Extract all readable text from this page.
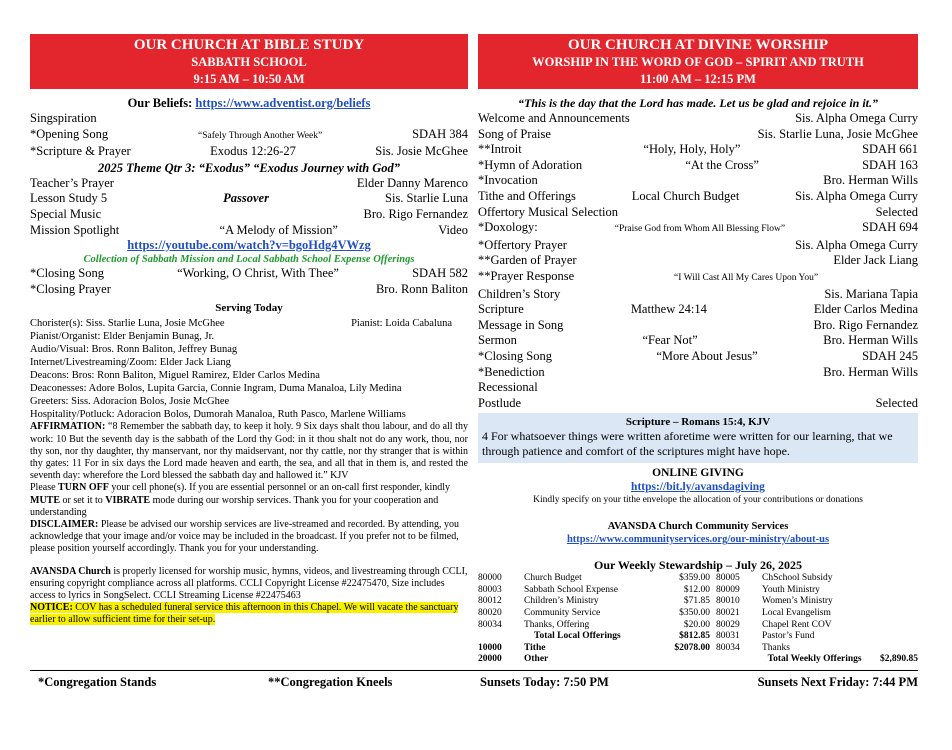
OUR CHURCH AT BIBLE STUDY
SABBATH SCHOOL
9:15 AM – 10:50 AM
Our Beliefs: https://www.adventist.org/beliefs
Singspiration
*Opening Song	“Safely Through Another Week”	SDAH 384
*Scripture & Prayer	Exodus 12:26-27	Sis. Josie McGhee
2025 Theme Qtr 3: “Exodus” “Exodus Journey with God”
Teacher’s Prayer	Elder Danny Marenco
Lesson Study 5	Passover	Sis. Starlie Luna
Special Music	Bro. Rigo Fernandez
Mission Spotlight	“A Melody of Mission”	Video
https://youtube.com/watch?v=bgoHdg4VWzg
Collection of Sabbath Mission and Local Sabbath School Expense Offerings
*Closing Song	“Working, O Christ, With Thee”	SDAH 582
*Closing Prayer	Bro. Ronn Baliton
Serving Today
Chorister(s): Siss. Starlie Luna, Josie McGhee	Pianist: Loida Cabaluna
Pianist/Organist: Elder Benjamin Bunag, Jr.
Audio/Visual: Bros. Ronn Baliton, Jeffrey Bunag
Internet/Livestreaming/Zoom: Elder Jack Liang
Deacons: Bros: Ronn Baliton, Miguel Ramirez, Elder Carlos Medina
Deaconesses: Adore Bolos, Lupita Garcia, Connie Ingram, Duma Manaloa, Lily Medina
Greeters: Siss. Adoracion Bolos, Josie McGhee
Hospitality/Potluck: Adoracion Bolos, Dumorah Manaloa, Ruth Pasco, Marlene Williams
AFFIRMATION: “8 Remember the sabbath day, to keep it holy. 9 Six days shalt thou labour, and do all thy work: 10 But the seventh day is the sabbath of the Lord thy God: in it thou shalt not do any work, thou, nor thy son, nor thy daughter, thy manservant, nor thy maidservant, nor thy cattle, nor thy stranger that is within thy gates: 11 For in six days the Lord made heaven and earth, the sea, and all that in them is, and rested the seventh day: wherefore the Lord blessed the sabbath day and hallowed it.” KJV
Please TURN OFF your cell phone(s). If you are essential personnel or an on-call first responder, kindly MUTE or set it to VIBRATE mode during our worship services. Thank you for your cooperation and understanding
DISCLAIMER: Please be advised our worship services are live-streamed and recorded. By attending, you acknowledge that your image and/or voice may be included in the broadcast. If you prefer not to be filmed, please position yourself accordingly. Thank you for your understanding.
AVANSDA Church is properly licensed for worship music, hymns, videos, and livestreaming through CCLI, ensuring copyright compliance across all platforms. CCLI Copyright License #22475470, Size includes access to lyrics in SongSelect. CCLI Streaming License #22475463
NOTICE: COV has a scheduled funeral service this afternoon in this Chapel. We will vacate the sanctuary earlier to allow sufficient time for their set-up.
OUR CHURCH AT DIVINE WORSHIP
WORSHIP IN THE WORD OF GOD – SPIRIT AND TRUTH
11:00 AM – 12:15 PM
“This is the day that the Lord has made. Let us be glad and rejoice in it.”
Welcome and Announcements	Sis. Alpha Omega Curry
Song of Praise	Sis. Starlie Luna, Josie McGhee
**Introit	“Holy, Holy, Holy”	SDAH 661
*Hymn of Adoration	“At the Cross”	SDAH 163
*Invocation	Bro. Herman Wills
Tithe and Offerings	Local Church Budget	Sis. Alpha Omega Curry
Offertory Musical Selection	Selected
*Doxology:	“Praise God from Whom All Blessing Flow”	SDAH 694
*Offertory Prayer	Sis. Alpha Omega Curry
**Garden of Prayer	Elder Jack Liang
**Prayer Response	“I Will Cast All My Cares Upon You”
Children’s Story	Sis. Mariana Tapia
Scripture	Matthew 24:14	Elder Carlos Medina
Message in Song	Bro. Rigo Fernandez
Sermon	“Fear Not”	Bro. Herman Wills
*Closing Song	“More About Jesus”	SDAH 245
*Benediction	Bro. Herman Wills
Recessional
Postlude	Selected
Scripture – Romans 15:4, KJV
4 For whatsoever things were written aforetime were written for our learning, that we through patience and comfort of the scriptures might have hope.
ONLINE GIVING
https://bit.ly/avansdagiving
Kindly specify on your tithe envelope the allocation of your contributions or donations
AVANSDA Church Community Services
https://www.communityservices.org/our-ministry/about-us
Our Weekly Stewardship – July 26, 2025
80000	Church Budget	$359.00	80005	ChSchool Subsidy
80003	Sabbath School Expense	$12.00	80009	Youth Ministry
80012	Children’s Ministry	$71.85	80010	Women’s Ministry
80020	Community Service	$350.00	80021	Local Evangelism
80034	Thanks, Offering	$20.00	80029	Chapel Rent COV
	Total Local Offerings	$812.85	80031	Pastor’s Fund
10000	Tithe	$2078.00	80034	Thanks
20000	Other	Total Weekly Offerings $2,890.85		
*Congregation Stands	**Congregation Kneels	Sunsets Today: 7:50 PM	Sunsets Next Friday: 7:44 PM
